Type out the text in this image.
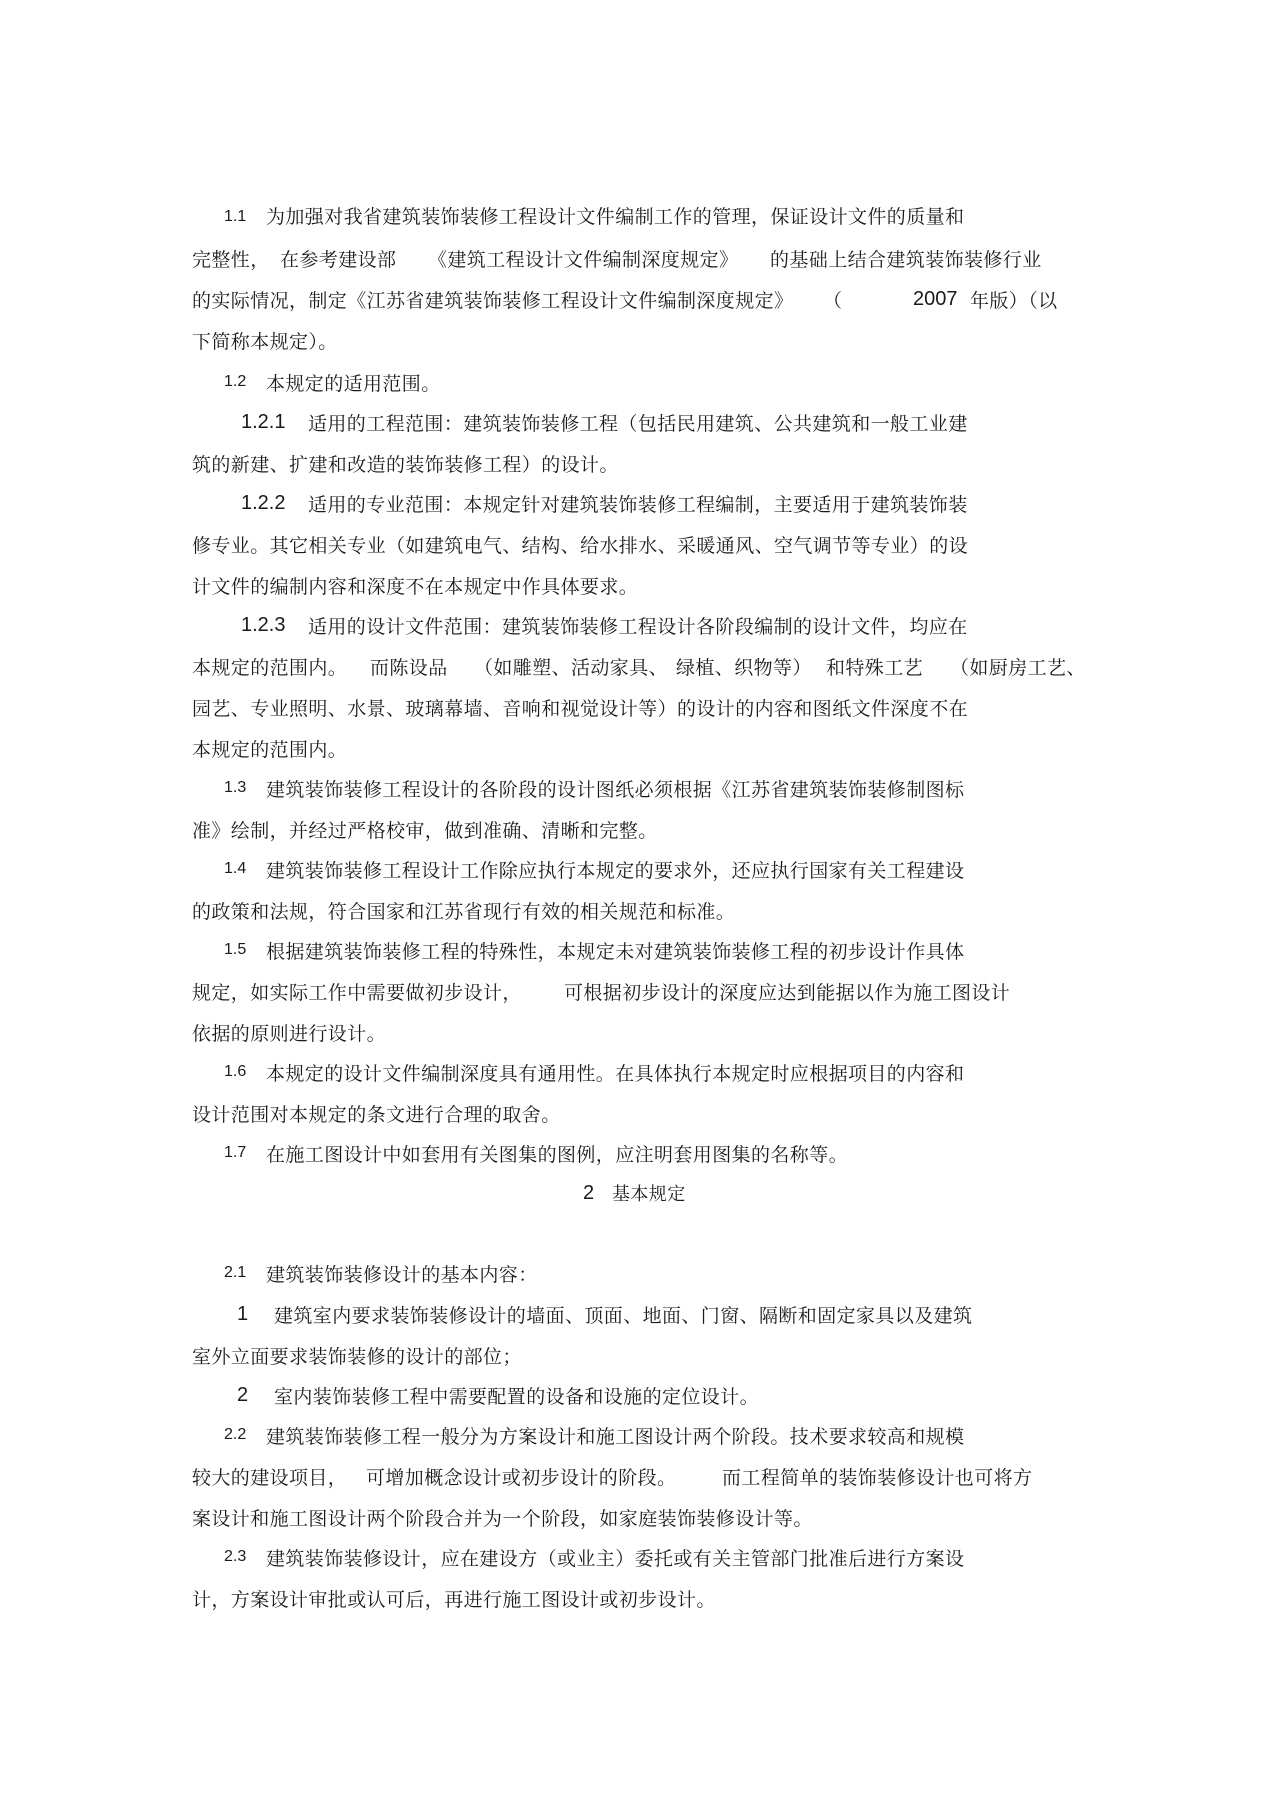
1.1 为加强对我省建筑装饰装修工程设计文件编制工作的管理，保证设计文件的质量和
完整性， 在参考建设部 《建筑工程设计文件编制深度规定》 的基础上结合建筑装饰装修行业
的实际情况，制定《江苏省建筑装饰装修工程设计文件编制深度规定》 （	2007 年版）（以
下简称本规定）。
1.2 本规定的适用范围。
1.2.1 适用的工程范围：建筑装饰装修工程（包括民用建筑、公共建筑和一般工业建
筑的新建、扩建和改造的装饰装修工程）的设计。
1.2.2 适用的专业范围：本规定针对建筑装饰装修工程编制，主要适用于建筑装饰装
修专业。其它相关专业（如建筑电气、结构、给水排水、采暖通风、空气调节等专业）的设
计文件的编制内容和深度不在本规定中作具体要求。
1.2.3 适用的设计文件范围：建筑装饰装修工程设计各阶段编制的设计文件，均应在
本规定的范围内。 而陈设品 （如雕塑、活动家具、 绿植、织物等） 和特殊工艺 （如厨房工艺、
园艺、专业照明、水景、玻璃幕墙、音响和视觉设计等）的设计的内容和图纸文件深度不在
本规定的范围内。
1.3 建筑装饰装修工程设计的各阶段的设计图纸必须根据《江苏省建筑装饰装修制图标
准》绘制，并经过严格校审，做到准确、清晰和完整。
1.4 建筑装饰装修工程设计工作除应执行本规定的要求外，还应执行国家有关工程建设
的政策和法规，符合国家和江苏省现行有效的相关规范和标准。
1.5 根据建筑装饰装修工程的特殊性，本规定未对建筑装饰装修工程的初步设计作具体
规定，如实际工作中需要做初步设计， 可根据初步设计的深度应达到能据以作为施工图设计
依据的原则进行设计。
1.6 本规定的设计文件编制深度具有通用性。在具体执行本规定时应根据项目的内容和
设计范围对本规定的条文进行合理的取舍。
1.7 在施工图设计中如套用有关图集的图例，应注明套用图集的名称等。
2 基本规定
2.1 建筑装饰装修设计的基本内容：
1 建筑室内要求装饰装修设计的墙面、顶面、地面、门窗、隔断和固定家具以及建筑
室外立面要求装饰装修的设计的部位；
2 室内装饰装修工程中需要配置的设备和设施的定位设计。
2.2 建筑装饰装修工程一般分为方案设计和施工图设计两个阶段。技术要求较高和规模
较大的建设项目， 可增加概念设计或初步设计的阶段。 而工程简单的装饰装修设计也可将方
案设计和施工图设计两个阶段合并为一个阶段，如家庭装饰装修设计等。
2.3 建筑装饰装修设计，应在建设方（或业主）委托或有关主管部门批准后进行方案设
计，方案设计审批或认可后，再进行施工图设计或初步设计。
